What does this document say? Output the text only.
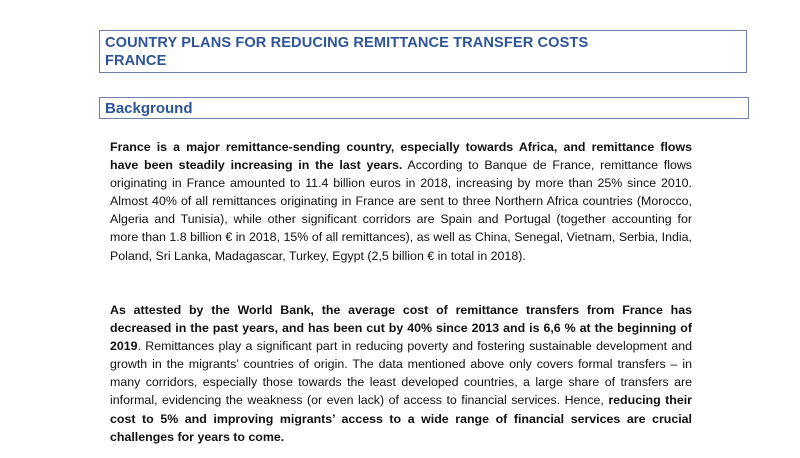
COUNTRY PLANS FOR REDUCING REMITTANCE TRANSFER COSTS
FRANCE
Background

France is a major remittance-sending country, especially towards Africa, and remittance flows have been steadily increasing in the last years. According to Banque de France, remittance flows originating in France amounted to 11.4 billion euros in 2018, increasing by more than 25% since 2010. Almost 40% of all remittances originating in France are sent to three Northern Africa countries (Morocco, Algeria and Tunisia), while other significant corridors are Spain and Portugal (together accounting for more than 1.8 billion € in 2018, 15% of all remittances), as well as China, Senegal, Vietnam, Serbia, India, Poland, Sri Lanka, Madagascar, Turkey, Egypt (2,5 billion € in total in 2018).

As attested by the World Bank, the average cost of remittance transfers from France has decreased in the past years, and has been cut by 40% since 2013 and is 6,6 % at the beginning of 2019. Remittances play a significant part in reducing poverty and fostering sustainable development and growth in the migrants’ countries of origin. The data mentioned above only covers formal transfers – in many corridors, especially those towards the least developed countries, a large share of transfers are informal, evidencing the weakness (or even lack) of access to financial services. Hence, reducing their cost to 5% and improving migrants’ access to a wide range of financial services are crucial challenges for years to come.
